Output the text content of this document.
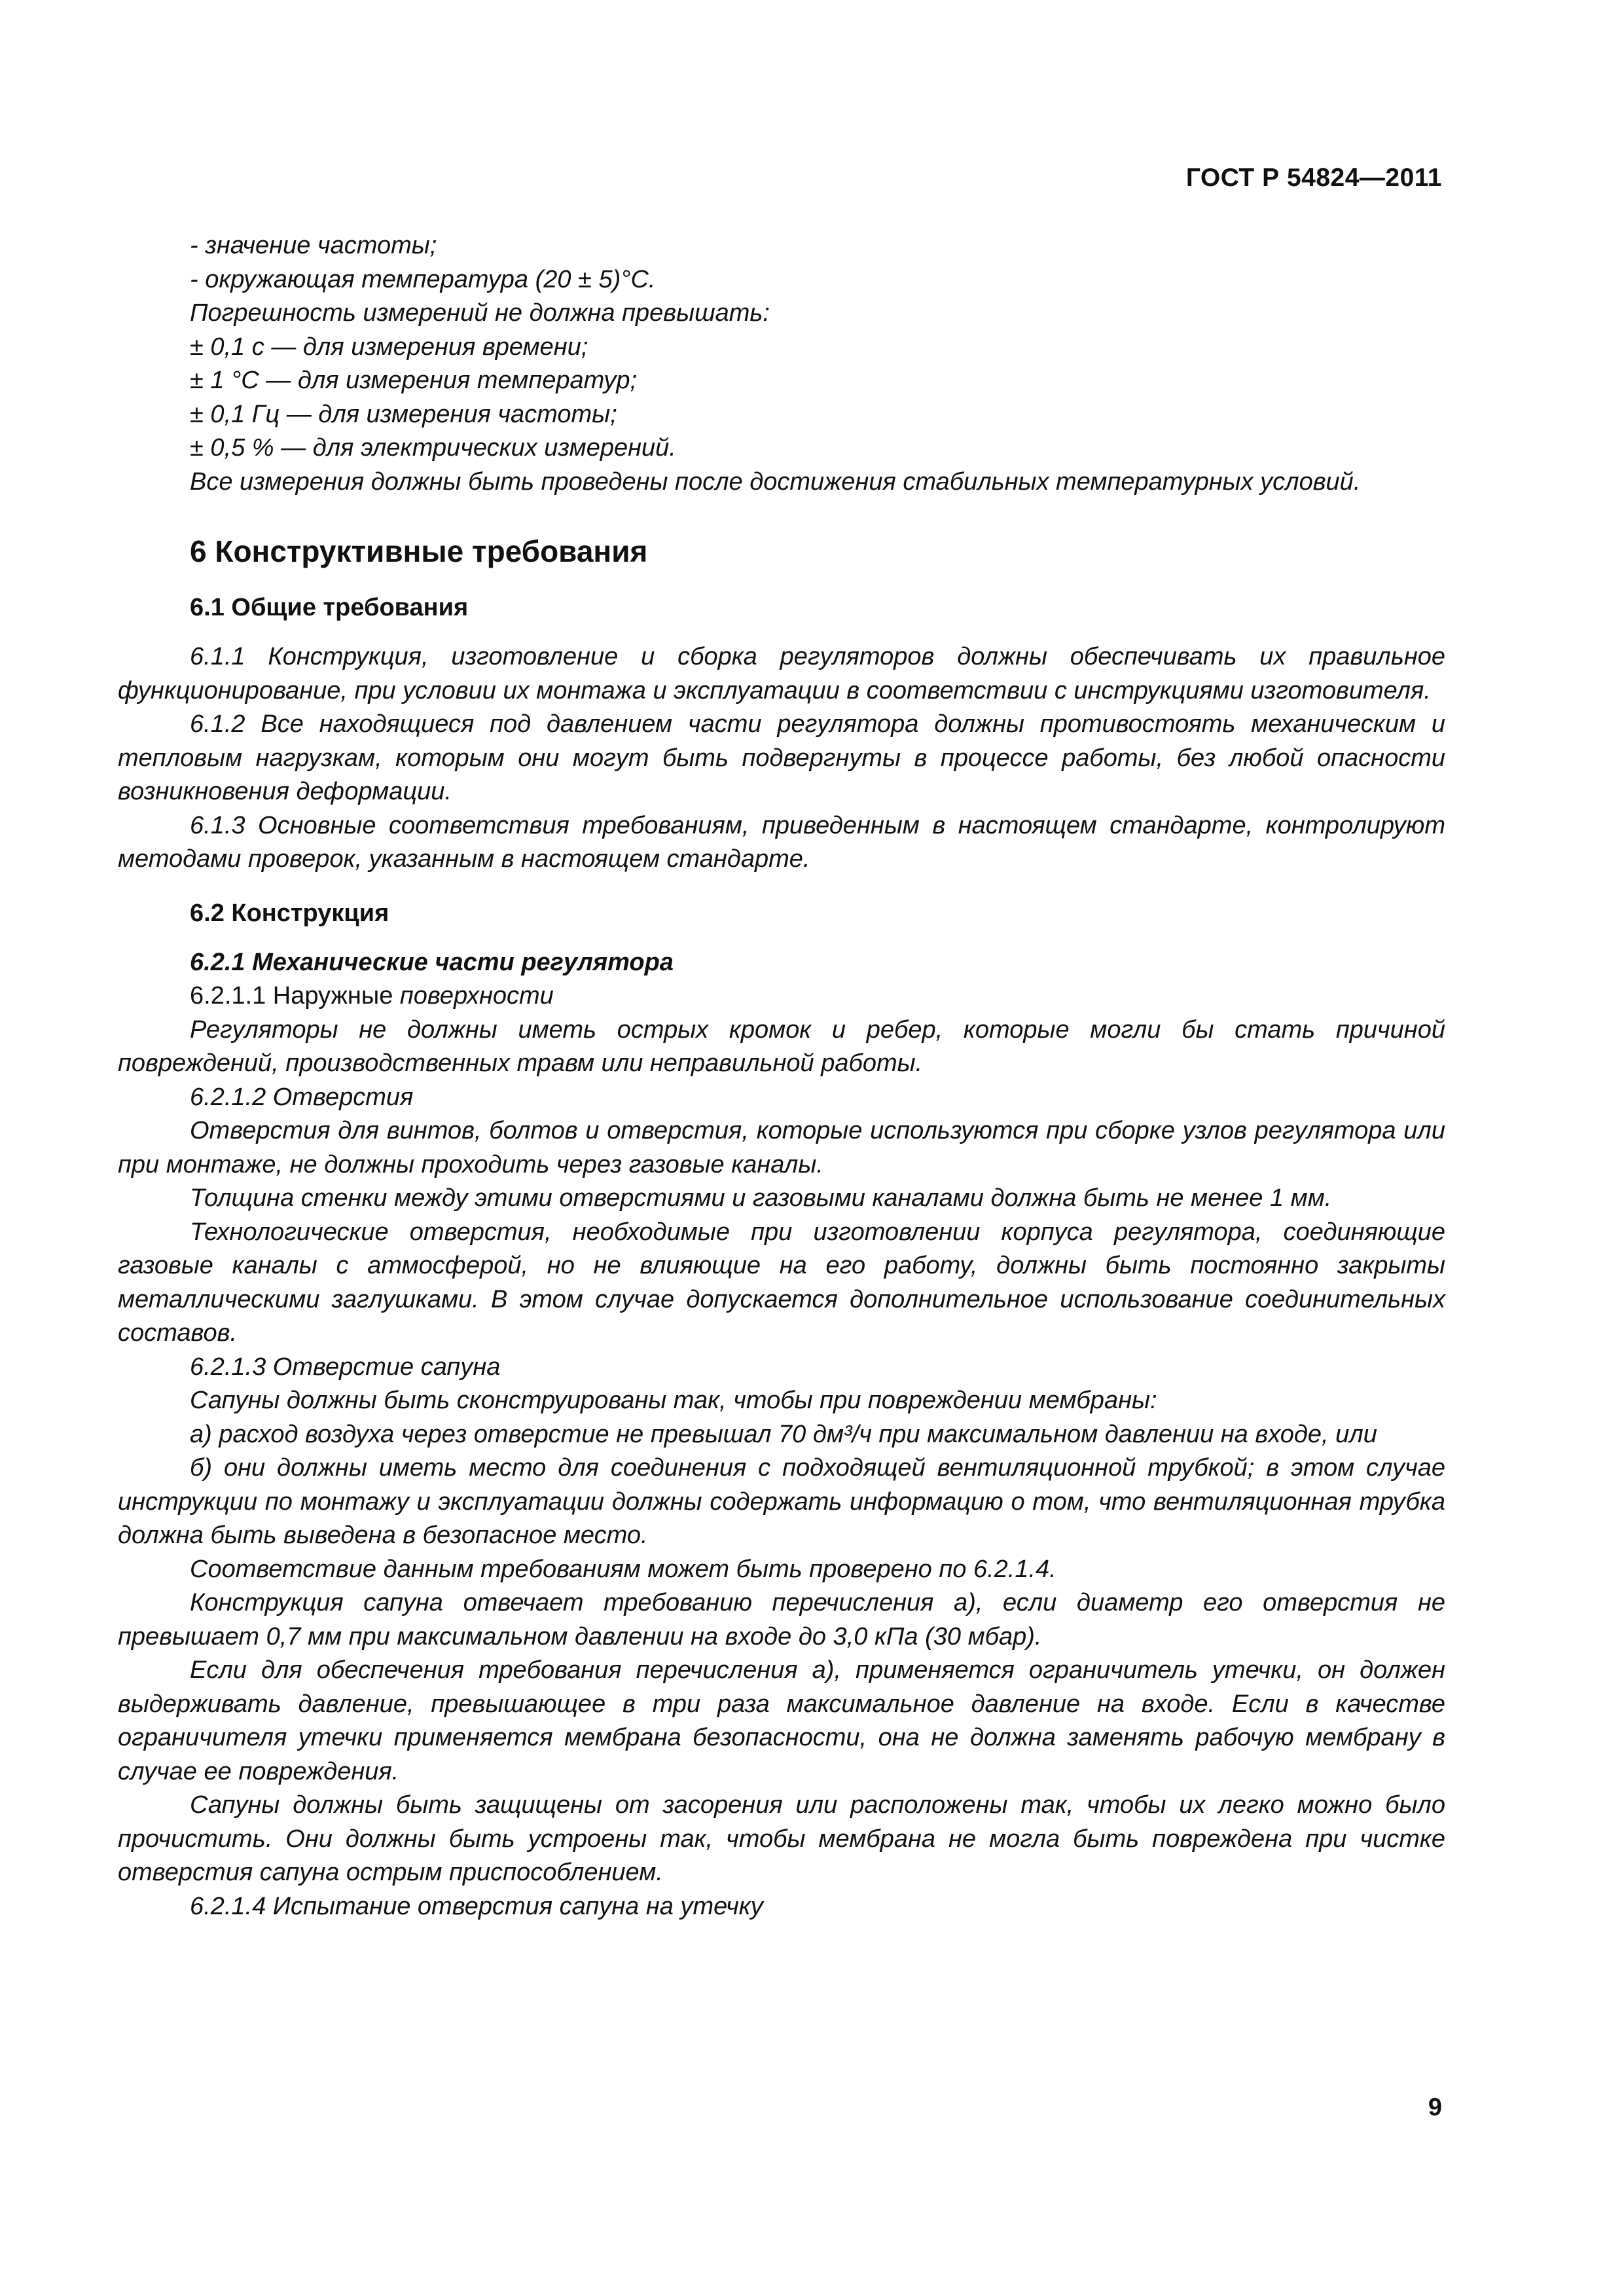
ГОСТ Р 54824—2011

- значение частоты;

- окружающая температура (20 ± 5)°С.

Погрешность измерений не должна превышать:

± 0,1 с — для измерения времени;

± 1 °С — для измерения температур;

± 0,1 Гц — для измерения частоты;

± 0,5 % — для электрических измерений.

Все измерения должны быть проведены после достижения стабильных температурных условий.

6 Конструктивные требования
6.1 Общие требования

6.1.1 Конструкция, изготовление и сборка регуляторов должны обеспечивать их правильное функционирование, при условии их монтажа и эксплуатации в соответствии с инструкциями изготовителя.

6.1.2 Все находящиеся под давлением части регулятора должны противостоять механическим и тепловым нагрузкам, которым они могут быть подвергнуты в процессе работы, без любой опасности возникновения деформации.

6.1.3 Основные соответствия требованиям, приведенным в настоящем стандарте, контролируют методами проверок, указанным в настоящем стандарте.

6.2 Конструкция
6.2.1 Механические части регулятора

6.2.1.1 Наружные поверхности

Регуляторы не должны иметь острых кромок и ребер, которые могли бы стать причиной повреждений, производственных травм или неправильной работы.

6.2.1.2 Отверстия

Отверстия для винтов, болтов и отверстия, которые используются при сборке узлов регулятора или при монтаже, не должны проходить через газовые каналы.

Толщина стенки между этими отверстиями и газовыми каналами должна быть не менее 1 мм.

Технологические отверстия, необходимые при изготовлении корпуса регулятора, соединяющие газовые каналы с атмосферой, но не влияющие на его работу, должны быть постоянно закрыты металлическими заглушками. В этом случае допускается дополнительное использование соединительных составов.

6.2.1.3 Отверстие сапуна

Сапуны должны быть сконструированы так, чтобы при повреждении мембраны:

а) расход воздуха через отверстие не превышал 70 дм³/ч при максимальном давлении на входе, или

б) они должны иметь место для соединения с подходящей вентиляционной трубкой; в этом случае инструкции по монтажу и эксплуатации должны содержать информацию о том, что вентиляционная трубка должна быть выведена в безопасное место.

Соответствие данным требованиям может быть проверено по 6.2.1.4.

Конструкция сапуна отвечает требованию перечисления а), если диаметр его отверстия не превышает 0,7 мм при максимальном давлении на входе до 3,0 кПа (30 мбар).

Если для обеспечения требования перечисления а), применяется ограничитель утечки, он должен выдерживать давление, превышающее в три раза максимальное давление на входе. Если в качестве ограничителя утечки применяется мембрана безопасности, она не должна заменять рабочую мембрану в случае ее повреждения.

Сапуны должны быть защищены от засорения или расположены так, чтобы их легко можно было прочистить. Они должны быть устроены так, чтобы мембрана не могла быть повреждена при чистке отверстия сапуна острым приспособлением.

6.2.1.4 Испытание отверстия сапуна на утечку

9
